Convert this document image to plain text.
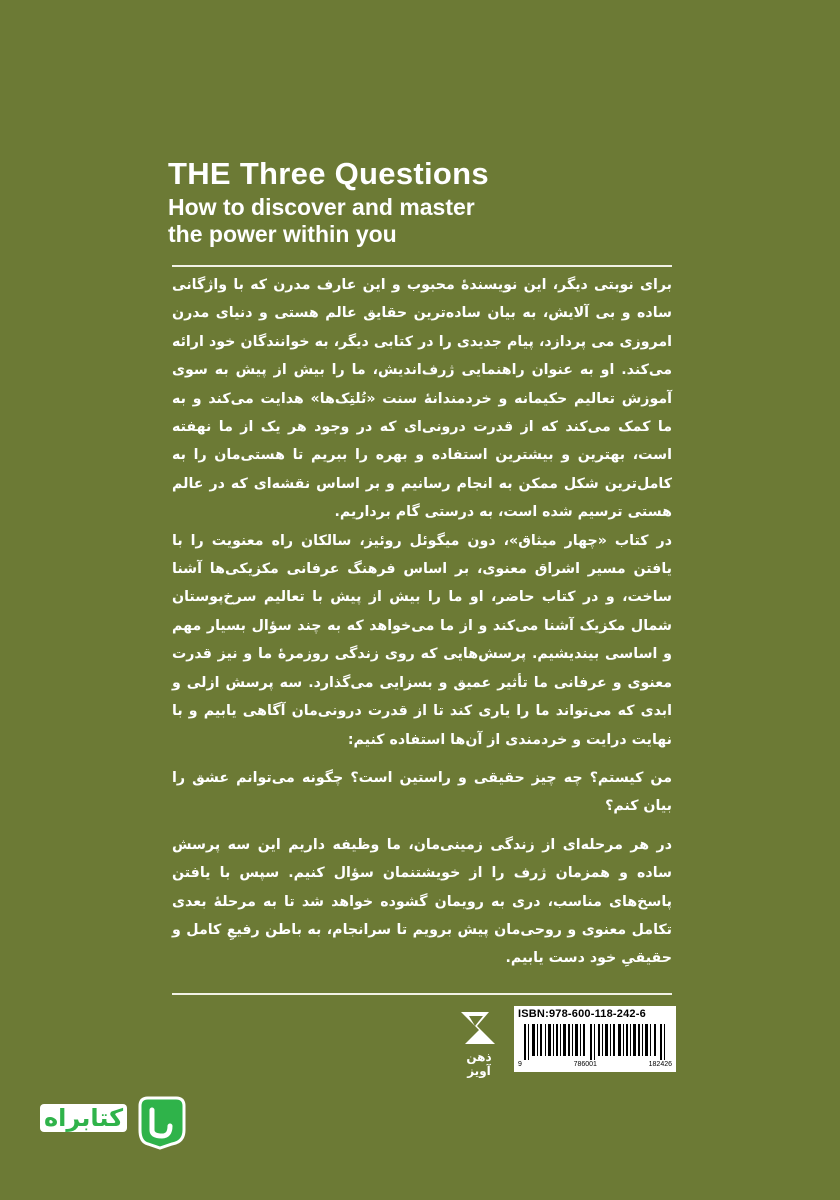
THE Three Questions
How to discover and master
the power within you

برای نوبتی دیگر، این نویسندهٔ محبوب و این عارف مدرن که با واژگانی ساده و بی آلایش، به بیان ساده‌ترین حقایق عالم هستی و دنیای مدرن امروزی می پردازد، پیام جدیدی را در کتابی دیگر، به خوانندگان خود ارائه می‌کند. او به عنوان راهنمایی ژرف‌اندیش، ما را بیش از پیش به سوی آموزش تعالیم حکیمانه و خردمندانهٔ سنت «تُلتِک‌ها» هدایت می‌کند و به ما کمک می‌کند که از قدرت درونی‌ای که در وجود هر یک از ما نهفته است، بهترین و بیشترین استفاده و بهره را ببریم تا هستی‌مان را به کامل‌ترین شکل ممکن به انجام رسانیم و بر اساس نقشه‌ای که در عالم هستی ترسیم شده است، به درستی گام برداریم.

در کتاب «چهار میثاق»، دون میگوئل روئیز، سالکان راه معنویت را با یافتن مسیر اشراق معنوی، بر اساس فرهنگ عرفانی مکزیکی‌ها آشنا ساخت، و در کتاب حاضر، او ما را بیش از پیش با تعالیم سرخ‌پوستان شمال مکزیک آشنا می‌کند و از ما می‌خواهد که به چند سؤال بسیار مهم و اساسی بیندیشیم. پرسش‌هایی که روی زندگی روزمرهٔ ما و نیز قدرت معنوی و عرفانی ما تأثیر عمیق و بسزایی می‌گذارد. سه پرسش ازلی و ابدی که می‌تواند ما را یاری کند تا از قدرت درونی‌مان آگاهی یابیم و با نهایت درایت و خردمندی از آن‌ها استفاده کنیم:

من کیستم؟ چه چیز حقیقی و راستین است؟ چگونه می‌توانم عشق را بیان کنم؟

در هر مرحله‌ای از زندگی زمینی‌مان، ما وظیفه داریم این سه پرسش ساده و همزمان ژرف را از خویشتنمان سؤال کنیم. سپس با یافتن پاسخ‌های مناسب، دری به رویمان گشوده خواهد شد تا به مرحلهٔ بعدی تکامل معنوی و روحی‌مان پیش برویم تا سرانجام، به باطن رفیعِ کامل و حقیقیِ خود دست یابیم.

ذهن آویز
ISBN:978-600-118-242-6
9	786001	182426
کتابراه
